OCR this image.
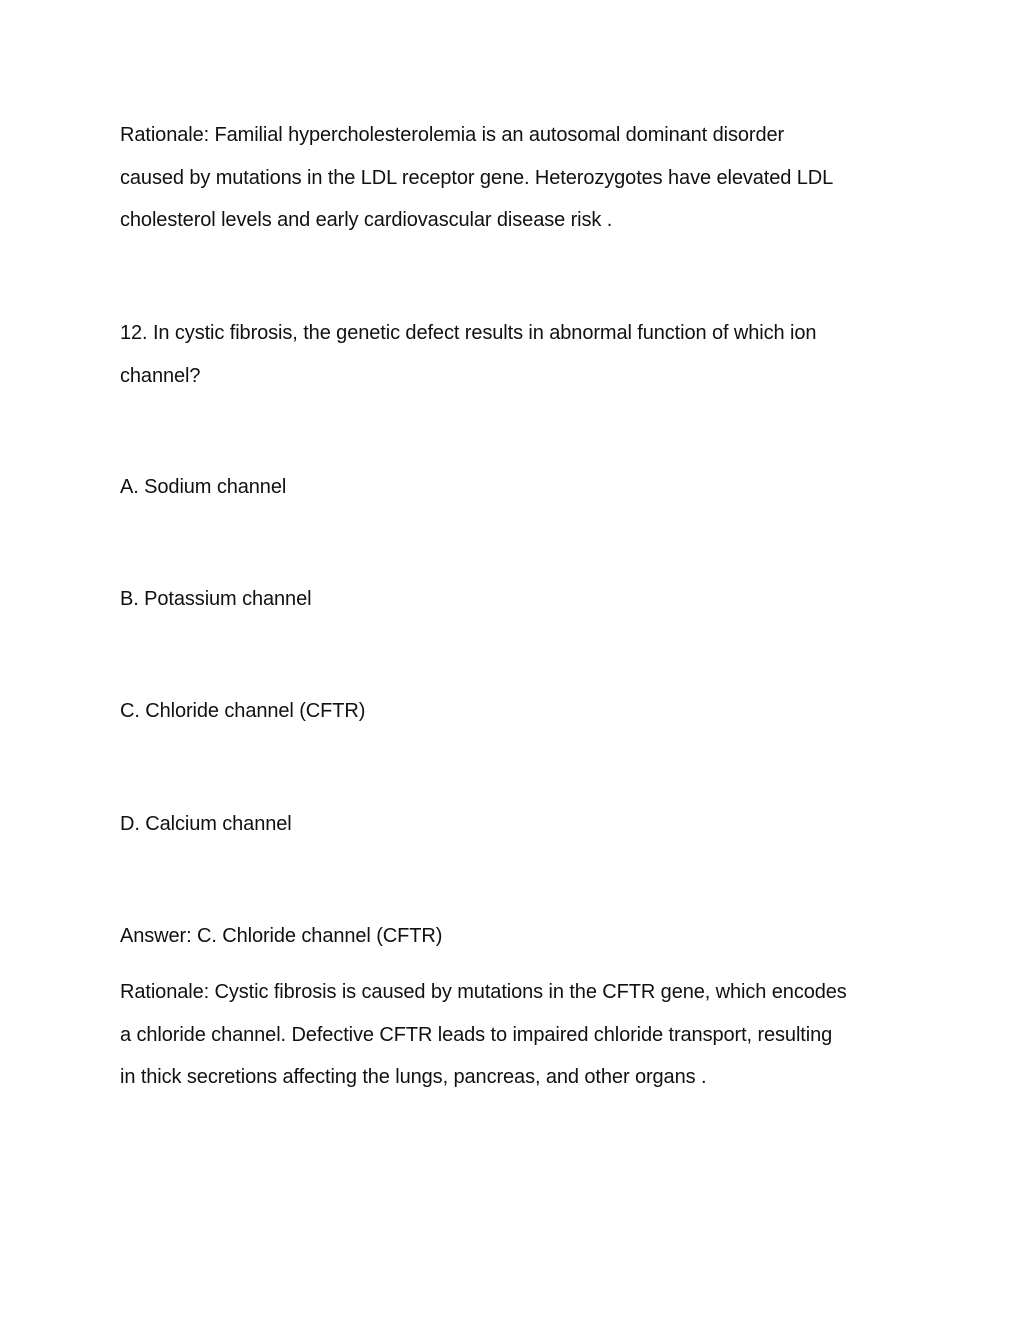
Rationale: Familial hypercholesterolemia is an autosomal dominant disorder

caused by mutations in the LDL receptor gene. Heterozygotes have elevated LDL

cholesterol levels and early cardiovascular disease risk .

12. In cystic fibrosis, the genetic defect results in abnormal function of which ion

channel?

A. Sodium channel

B. Potassium channel

C. Chloride channel (CFTR)

D. Calcium channel

Answer: C. Chloride channel (CFTR)

Rationale: Cystic fibrosis is caused by mutations in the CFTR gene, which encodes

a chloride channel. Defective CFTR leads to impaired chloride transport, resulting

in thick secretions affecting the lungs, pancreas, and other organs .
